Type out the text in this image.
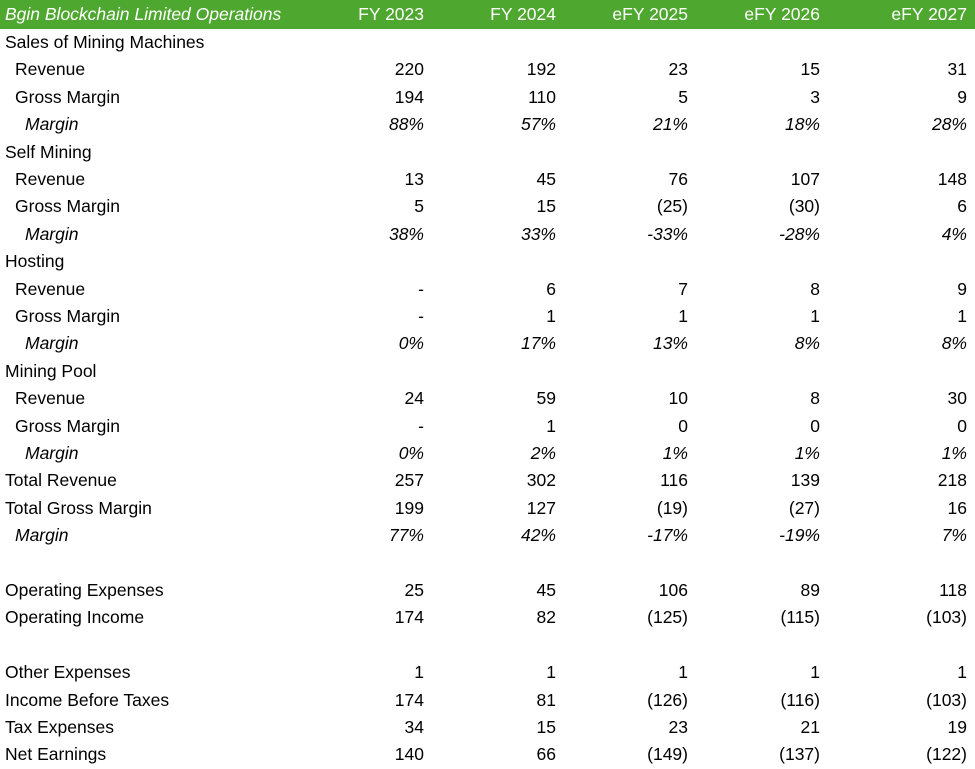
Bgin Blockchain Limited Operations	FY 2023	FY 2024	eFY 2025	eFY 2026	eFY 2027
Sales of Mining Machines
Revenue	220	192	23	15	31
Gross Margin	194	110	5	3	9
Margin	88%	57%	21%	18%	28%
Self Mining
Revenue	13	45	76	107	148
Gross Margin	5	15	(25)	(30)	6
Margin	38%	33%	-33%	-28%	4%
Hosting
Revenue	-	6	7	8	9
Gross Margin	-	1	1	1	1
Margin	0%	17%	13%	8%	8%
Mining Pool
Revenue	24	59	10	8	30
Gross Margin	-	1	0	0	0
Margin	0%	2%	1%	1%	1%
Total Revenue	257	302	116	139	218
Total Gross Margin	199	127	(19)	(27)	16
Margin	77%	42%	-17%	-19%	7%
Operating Expenses	25	45	106	89	118
Operating Income	174	82	(125)	(115)	(103)
Other Expenses	1	1	1	1	1
Income Before Taxes	174	81	(126)	(116)	(103)
Tax Expenses	34	15	23	21	19
Net Earnings	140	66	(149)	(137)	(122)
